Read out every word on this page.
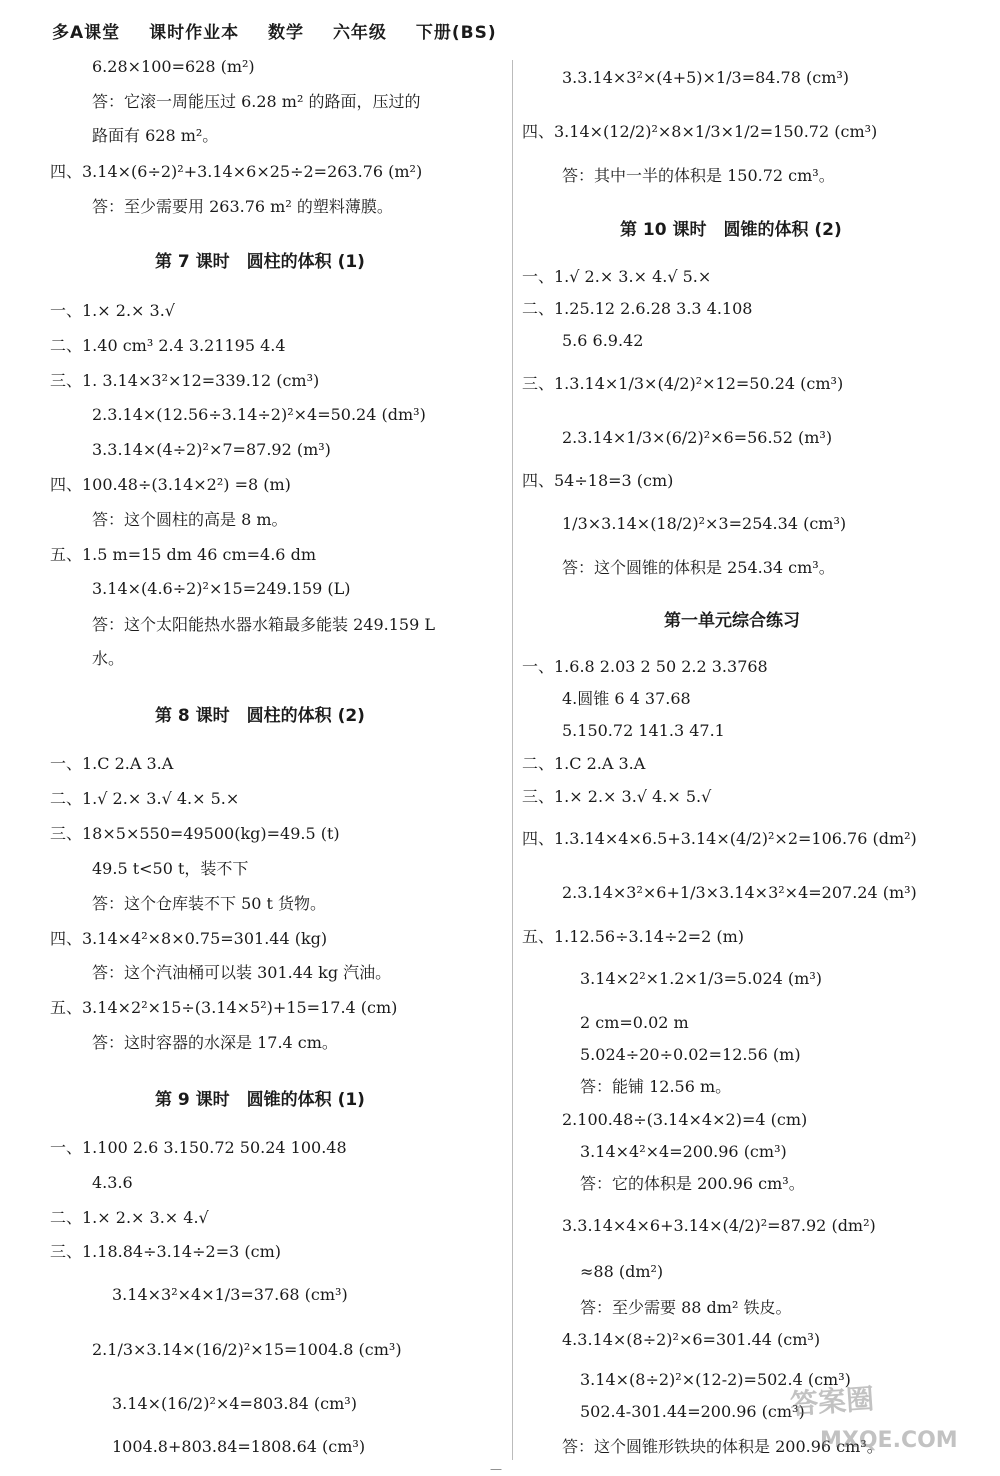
多A课堂 课时作业本 数学 六年级 下册(BS)
第 7 课时　圆柱的体积 (1)
第 8 课时　圆柱的体积 (2)
第 9 课时　圆锥的体积 (1)
6.28×100=628 (m²)
答：它滚一周能压过 6.28 m² 的路面，压过的
路面有 628 m²。
四、3.14×(6÷2)²+3.14×6×25÷2=263.76 (m²)
答：至少需要用 263.76 m² 的塑料薄膜。
一、1.× 2.× 3.√
二、1.40 cm³ 2.4 3.21195 4.4
三、1. 3.14×3²×12=339.12 (cm³)
2.3.14×(12.56÷3.14÷2)²×4=50.24 (dm³)
3.3.14×(4÷2)²×7=87.92 (m³)
四、100.48÷(3.14×2²) =8 (m)
答：这个圆柱的高是 8 m。
五、1.5 m=15 dm 46 cm=4.6 dm
3.14×(4.6÷2)²×15=249.159 (L)
答：这个太阳能热水器水箱最多能装 249.159 L
水。
一、1.C 2.A 3.A
二、1.√ 2.× 3.√ 4.× 5.×
三、18×5×550=49500(kg)=49.5 (t)
49.5 t<50 t，装不下
答：这个仓库装不下 50 t 货物。
四、3.14×4²×8×0.75=301.44 (kg)
答：这个汽油桶可以装 301.44 kg 汽油。
五、3.14×2²×15÷(3.14×5²)+15=17.4 (cm)
答：这时容器的水深是 17.4 cm。
一、1.100 2.6 3.150.72 50.24 100.48
4.3.6
二、1.× 2.× 3.× 4.√
三、1.18.84÷3.14÷2=3 (cm)
3.14×3²×4×1/3=37.68 (cm³)
2.1/3×3.14×(16/2)²×15=1004.8 (cm³)
3.14×(16/2)²×4=803.84 (cm³)
1004.8+803.84=1808.64 (cm³)
第 10 课时　圆锥的体积 (2)
第一单元综合练习
3.3.14×3²×(4+5)×1/3=84.78 (cm³)
四、3.14×(12/2)²×8×1/3×1/2=150.72 (cm³)
答：其中一半的体积是 150.72 cm³。
一、1.√ 2.× 3.× 4.√ 5.×
二、1.25.12 2.6.28 3.3 4.108
5.6 6.9.42
三、1.3.14×1/3×(4/2)²×12=50.24 (cm³)
2.3.14×1/3×(6/2)²×6=56.52 (m³)
四、54÷18=3 (cm)
1/3×3.14×(18/2)²×3=254.34 (cm³)
答：这个圆锥的体积是 254.34 cm³。
一、1.6.8 2.03 2 50 2.2 3.3768
4.圆锥 6 4 37.68
5.150.72 141.3 47.1
二、1.C 2.A 3.A
三、1.× 2.× 3.√ 4.× 5.√
四、1.3.14×4×6.5+3.14×(4/2)²×2=106.76 (dm²)
2.3.14×3²×6+1/3×3.14×3²×4=207.24 (m³)
五、1.12.56÷3.14÷2=2 (m)
3.14×2²×1.2×1/3=5.024 (m³)
2 cm=0.02 m
5.024÷20÷0.02=12.56 (m)
答：能铺 12.56 m。
2.100.48÷(3.14×4×2)=4 (cm)
3.14×4²×4=200.96 (cm³)
答：它的体积是 200.96 cm³。
3.3.14×4×6+3.14×(4/2)²=87.92 (dm²)
≈88 (dm²)
答：至少需要 88 dm² 铁皮。
4.3.14×(8÷2)²×6=301.44 (cm³)
3.14×(8÷2)²×(12-2)=502.4 (cm³)
502.4-301.44=200.96 (cm³)
答：这个圆锥形铁块的体积是 200.96 cm³。
答案圈
MXQE.COM
—
